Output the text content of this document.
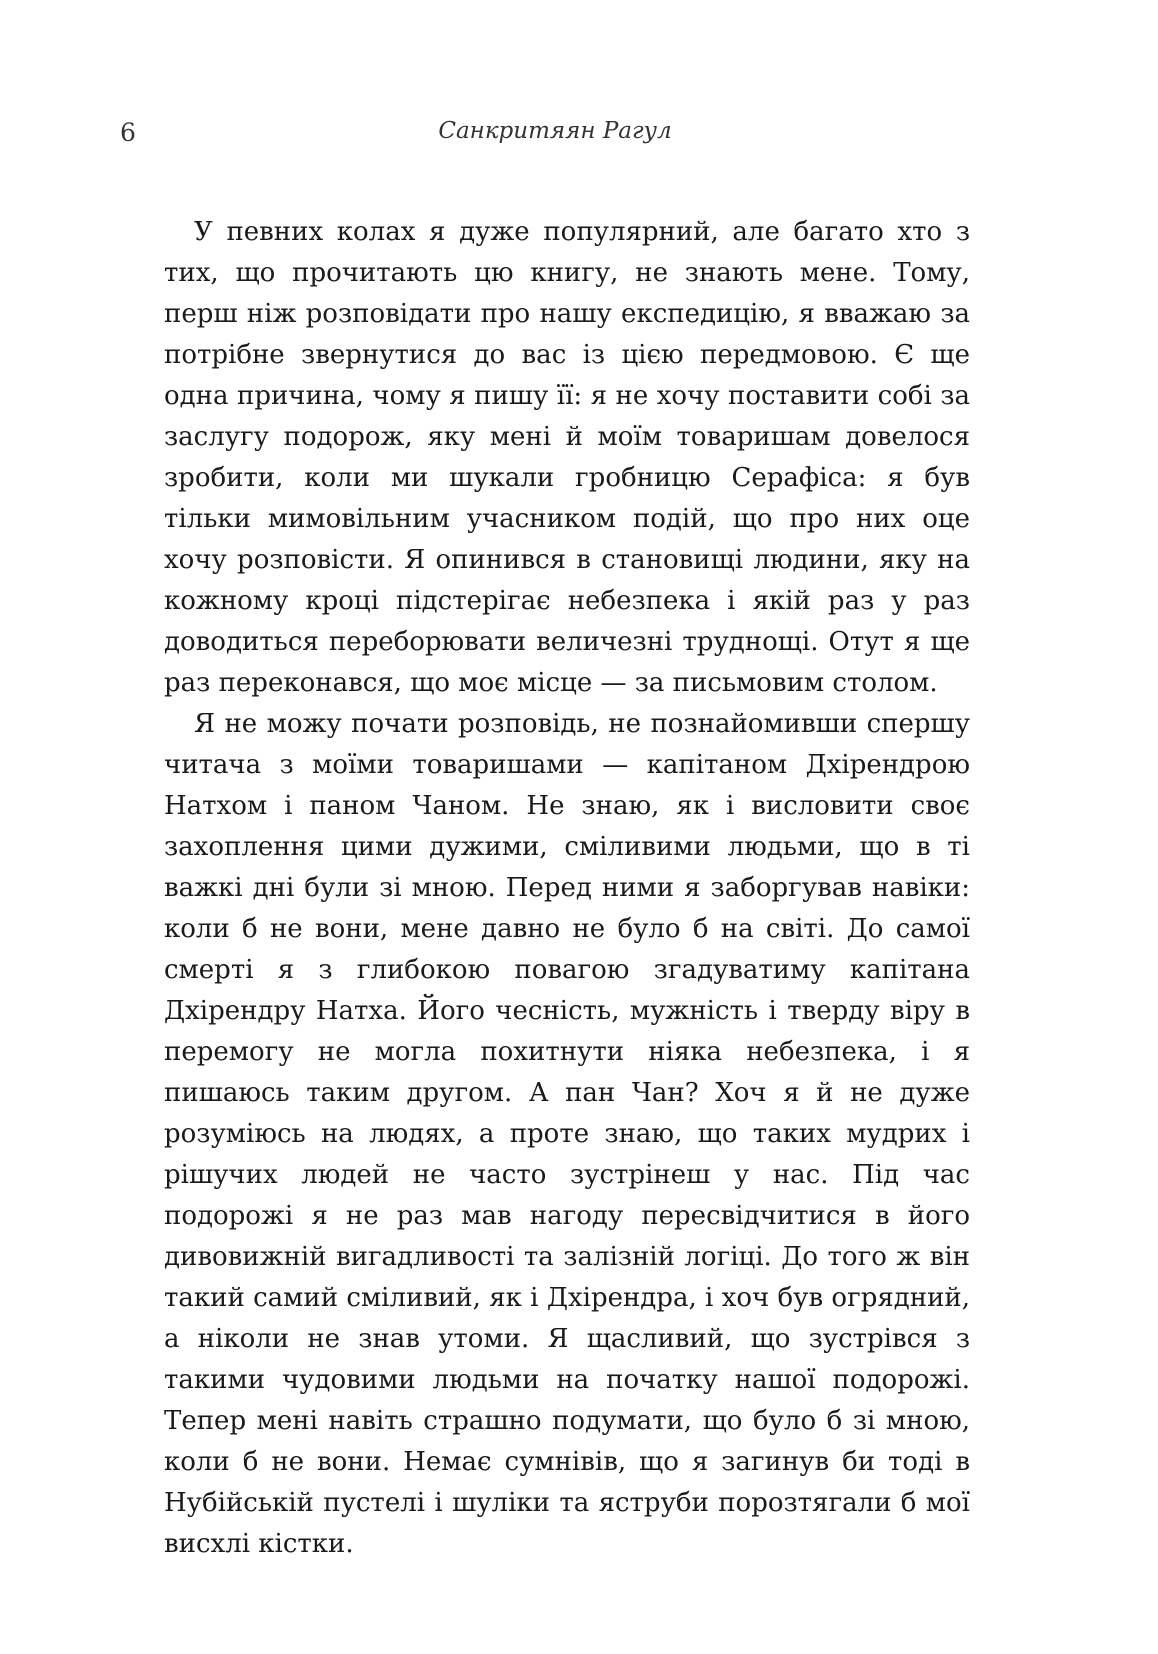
6	Санкритяян Рагул

У певних колах я дуже популярний, але багато хто з тих, що прочитають цю книгу, не знають мене. Тому, перш ніж розповідати про нашу експедицію, я вважаю за потрібне звернутися до вас із цією передмовою. Є ще одна причина, чому я пишу її: я не хочу поставити собі за заслугу подорож, яку мені й моїм товаришам довелося зробити, коли ми шукали гробницю Серафіса: я був тільки мимовільним учасником подій, що про них оце хочу розповісти. Я опинився в становищі людини, яку на кожному кроці підстерігає небезпека і якій раз у раз доводиться переборювати величезні труднощі. Отут я ще раз переконався, що моє місце — за письмовим столом.

Я не можу почати розповідь, не познайомивши спершу читача з моїми товаришами — капітаном Дхірендрою Натхом і паном Чаном. Не знаю, як і висловити своє захоплення цими дужими, сміливими людьми, що в ті важкі дні були зі мною. Перед ними я заборгував навіки: коли б не вони, мене давно не було б на світі. До самої смерті я з глибокою повагою згадуватиму капітана Дхірендру Натха. Його чесність, мужність і тверду віру в перемогу не могла похитнути ніяка небезпека, і я пишаюсь таким другом. А пан Чан? Хоч я й не дуже розуміюсь на людях, а проте знаю, що таких мудрих і рішучих людей не часто зустрінеш у нас. Під час подорожі я не раз мав нагоду пересвідчитися в його дивовижній вигадливості та залізній логіці. До того ж він такий самий сміливий, як і Дхірендра, і хоч був огрядний, а ніколи не знав утоми. Я щасливий, що зустрівся з такими чудовими людьми на початку нашої подорожі. Тепер мені навіть страшно подумати, що було б зі мною, коли б не вони. Немає сумнівів, що я загинув би тоді в Нубійській пустелі і шуліки та яструби порозтягали б мої висхлі кістки.
